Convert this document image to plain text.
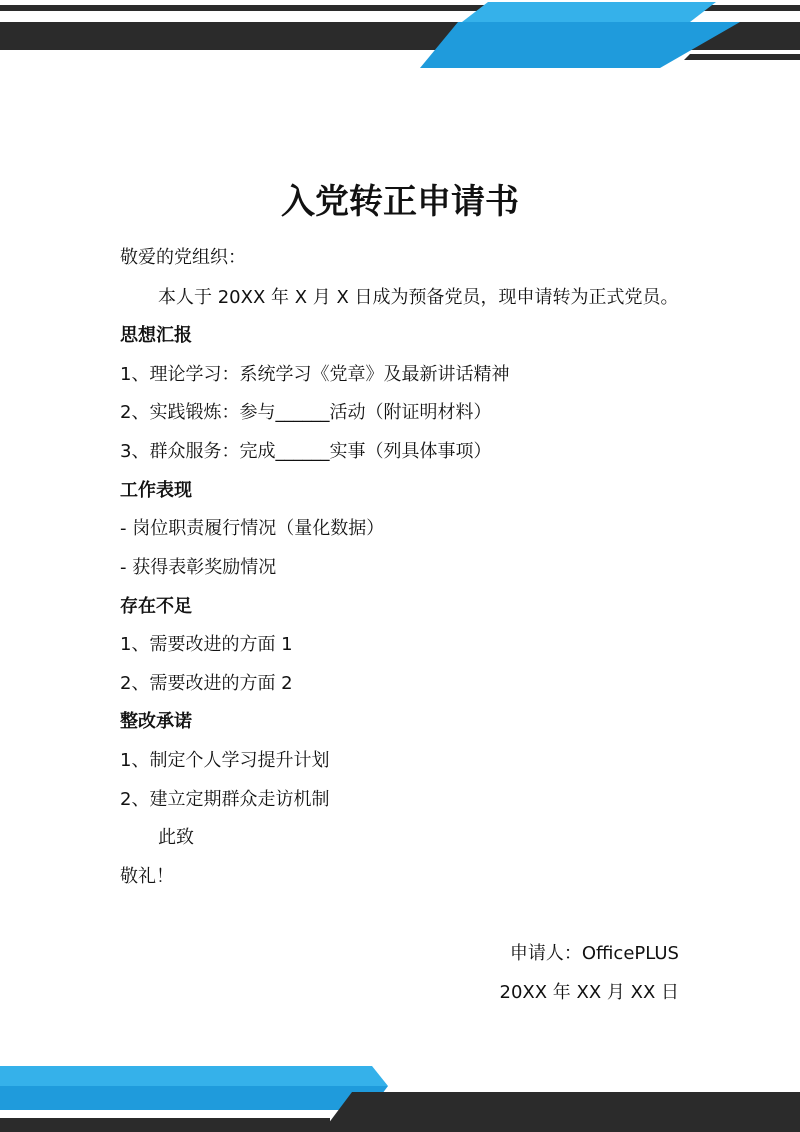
入党转正申请书
敬爱的党组织：
本人于 20XX 年 X 月 X 日成为预备党员，现申请转为正式党员。
思想汇报
1、理论学习：系统学习《党章》及最新讲话精神
2、实践锻炼：参与______活动（附证明材料）
3、群众服务：完成______实事（列具体事项）
工作表现
- 岗位职责履行情况（量化数据）
- 获得表彰奖励情况
存在不足
1、需要改进的方面 1
2、需要改进的方面 2
整改承诺
1、制定个人学习提升计划
2、建立定期群众走访机制
此致
敬礼！
申请人：OfficePLUS
20XX 年 XX 月 XX 日
